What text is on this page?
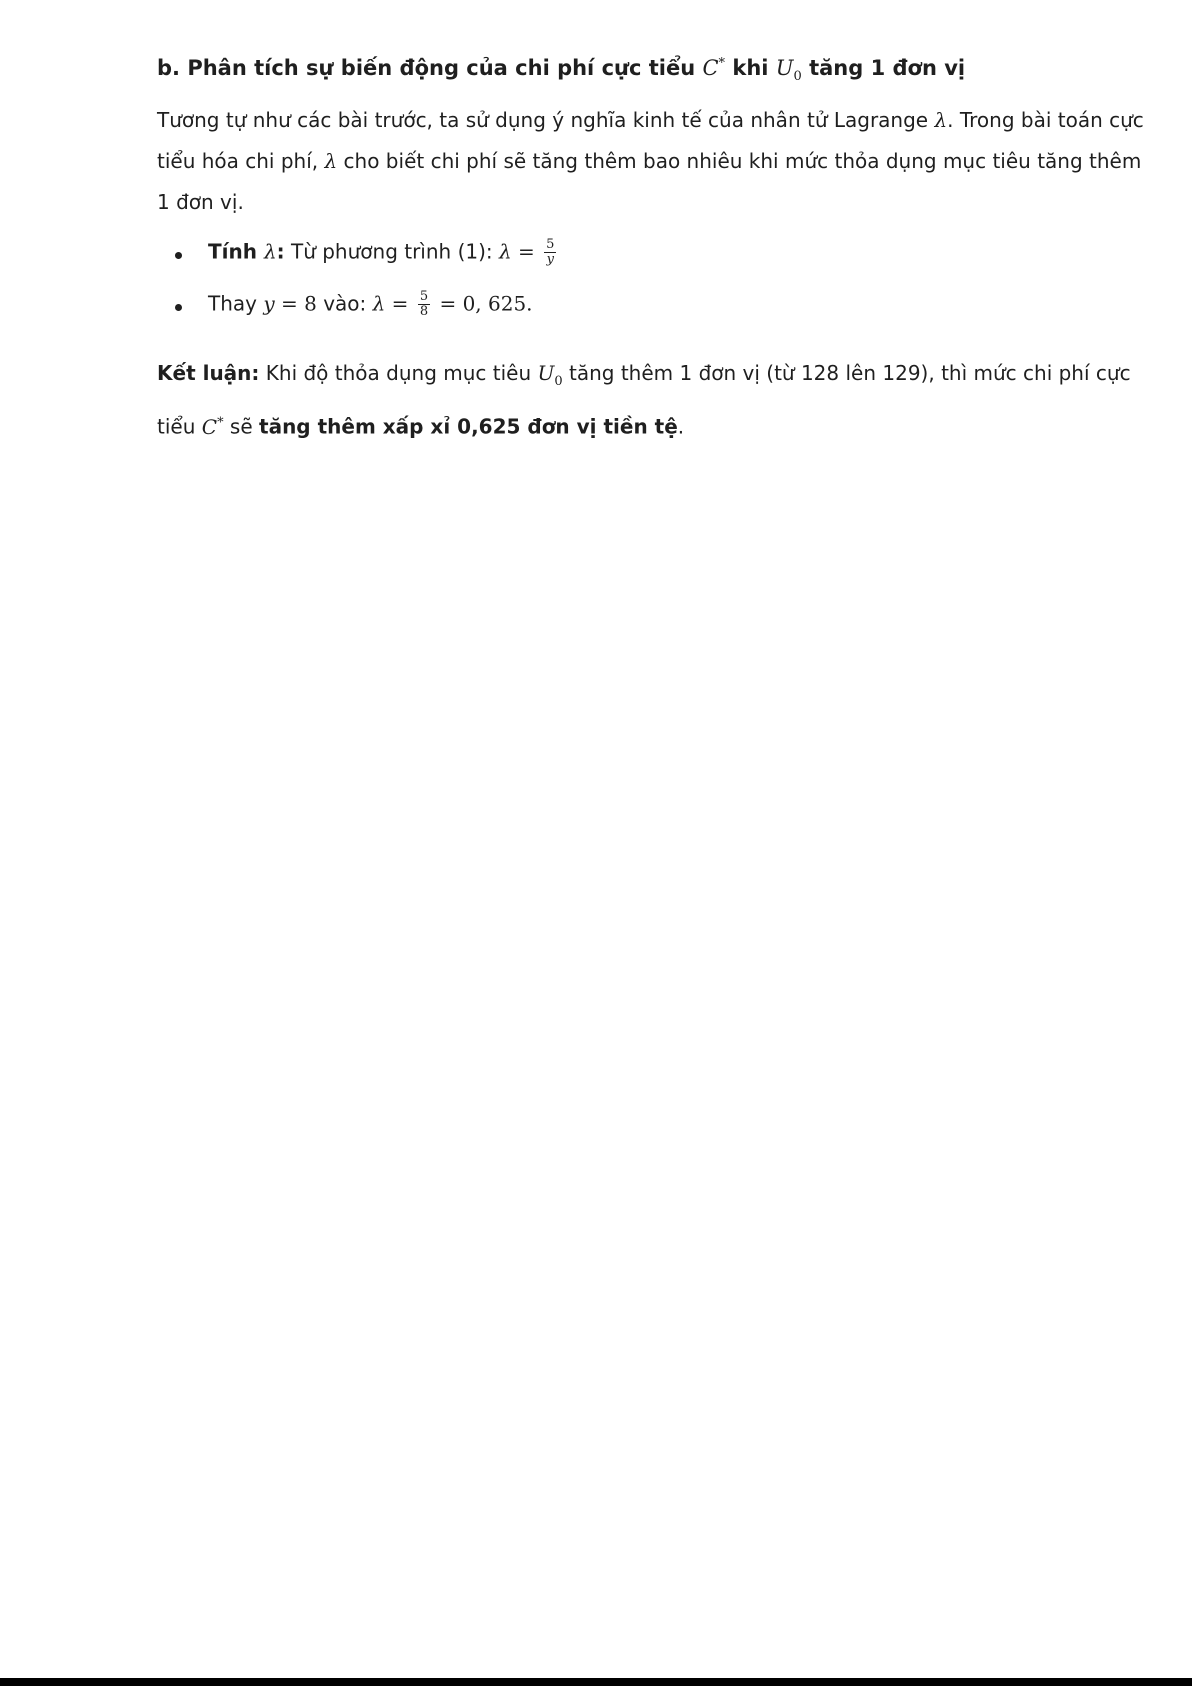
b. Phân tích sự biến động của chi phí cực tiểu C* khi $U_0$ tăng 1 đơn vị

Tương tự như các bài trước, ta sử dụng ý nghĩa kinh tế của nhân tử Lagrange λ. Trong bài toán cực tiểu hóa chi phí, λ cho biết chi phí sẽ tăng thêm bao nhiêu khi mức thỏa dụng mục tiêu tăng thêm 1 đơn vị.

Tính λ: Từ phương trình (1): $\lambda = \frac{5}{y}$
Thay y = 8 vào: $\lambda = \frac{5}{8} = 0$, 625.

Kết luận: Khi độ thỏa dụng mục tiêu $U_0$ tăng thêm 1 đơn vị (từ 128 lên 129), thì mức chi phí cực tiểu C* sẽ tăng thêm xấp xỉ 0,625 đơn vị tiền tệ.
